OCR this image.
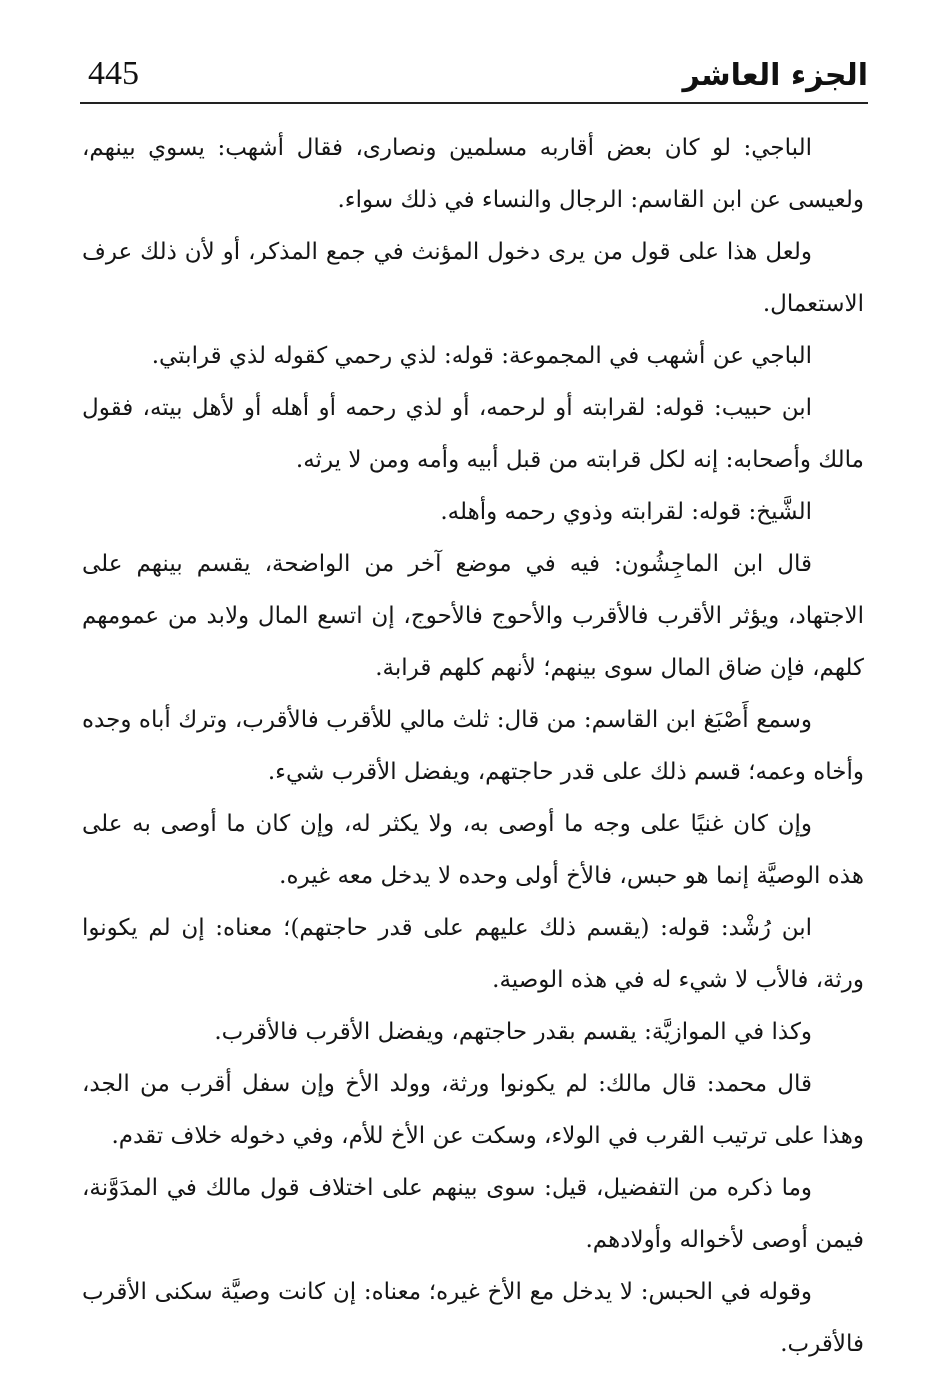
445	الجزء العاشر

الباجي: لو كان بعض أقاربه مسلمين ونصارى، فقال أشهب: يسوي بينهم، ولعيسى عن ابن القاسم: الرجال والنساء في ذلك سواء.

ولعل هذا على قول من يرى دخول المؤنث في جمع المذكر، أو لأن ذلك عرف الاستعمال.

الباجي عن أشهب في المجموعة: قوله: لذي رحمي كقوله لذي قرابتي.

ابن حبيب: قوله: لقرابته أو لرحمه، أو لذي رحمه أو أهله أو لأهل بيته، فقول مالك وأصحابه: إنه لكل قرابته من قبل أبيه وأمه ومن لا يرثه.

الشَّيخ: قوله: لقرابته وذوي رحمه وأهله.

قال ابن الماجِشُون: فيه في موضع آخر من الواضحة، يقسم بينهم على الاجتهاد، ويؤثر الأقرب فالأقرب والأحوج فالأحوج، إن اتسع المال ولابد من عمومهم كلهم، فإن ضاق المال سوى بينهم؛ لأنهم كلهم قرابة.

وسمع أَصْبَغ ابن القاسم: من قال: ثلث مالي للأقرب فالأقرب، وترك أباه وجده وأخاه وعمه؛ قسم ذلك على قدر حاجتهم، ويفضل الأقرب شيء.

وإن كان غنيًا على وجه ما أوصى به، ولا يكثر له، وإن كان ما أوصى به على هذه الوصيَّة إنما هو حبس، فالأخ أولى وحده لا يدخل معه غيره.

ابن رُشْد: قوله: (يقسم ذلك عليهم على قدر حاجتهم)؛ معناه: إن لم يكونوا ورثة، فالأب لا شيء له في هذه الوصية.

وكذا في الموازيَّة: يقسم بقدر حاجتهم، ويفضل الأقرب فالأقرب.

قال محمد: قال مالك: لم يكونوا ورثة، وولد الأخ وإن سفل أقرب من الجد، وهذا على ترتيب القرب في الولاء، وسكت عن الأخ للأم، وفي دخوله خلاف تقدم.

وما ذكره من التفضيل، قيل: سوى بينهم على اختلاف قول مالك في المدَوَّنة، فيمن أوصى لأخواله وأولادهم.

وقوله في الحبس: لا يدخل مع الأخ غيره؛ معناه: إن كانت وصيَّة سكنى الأقرب فالأقرب.
